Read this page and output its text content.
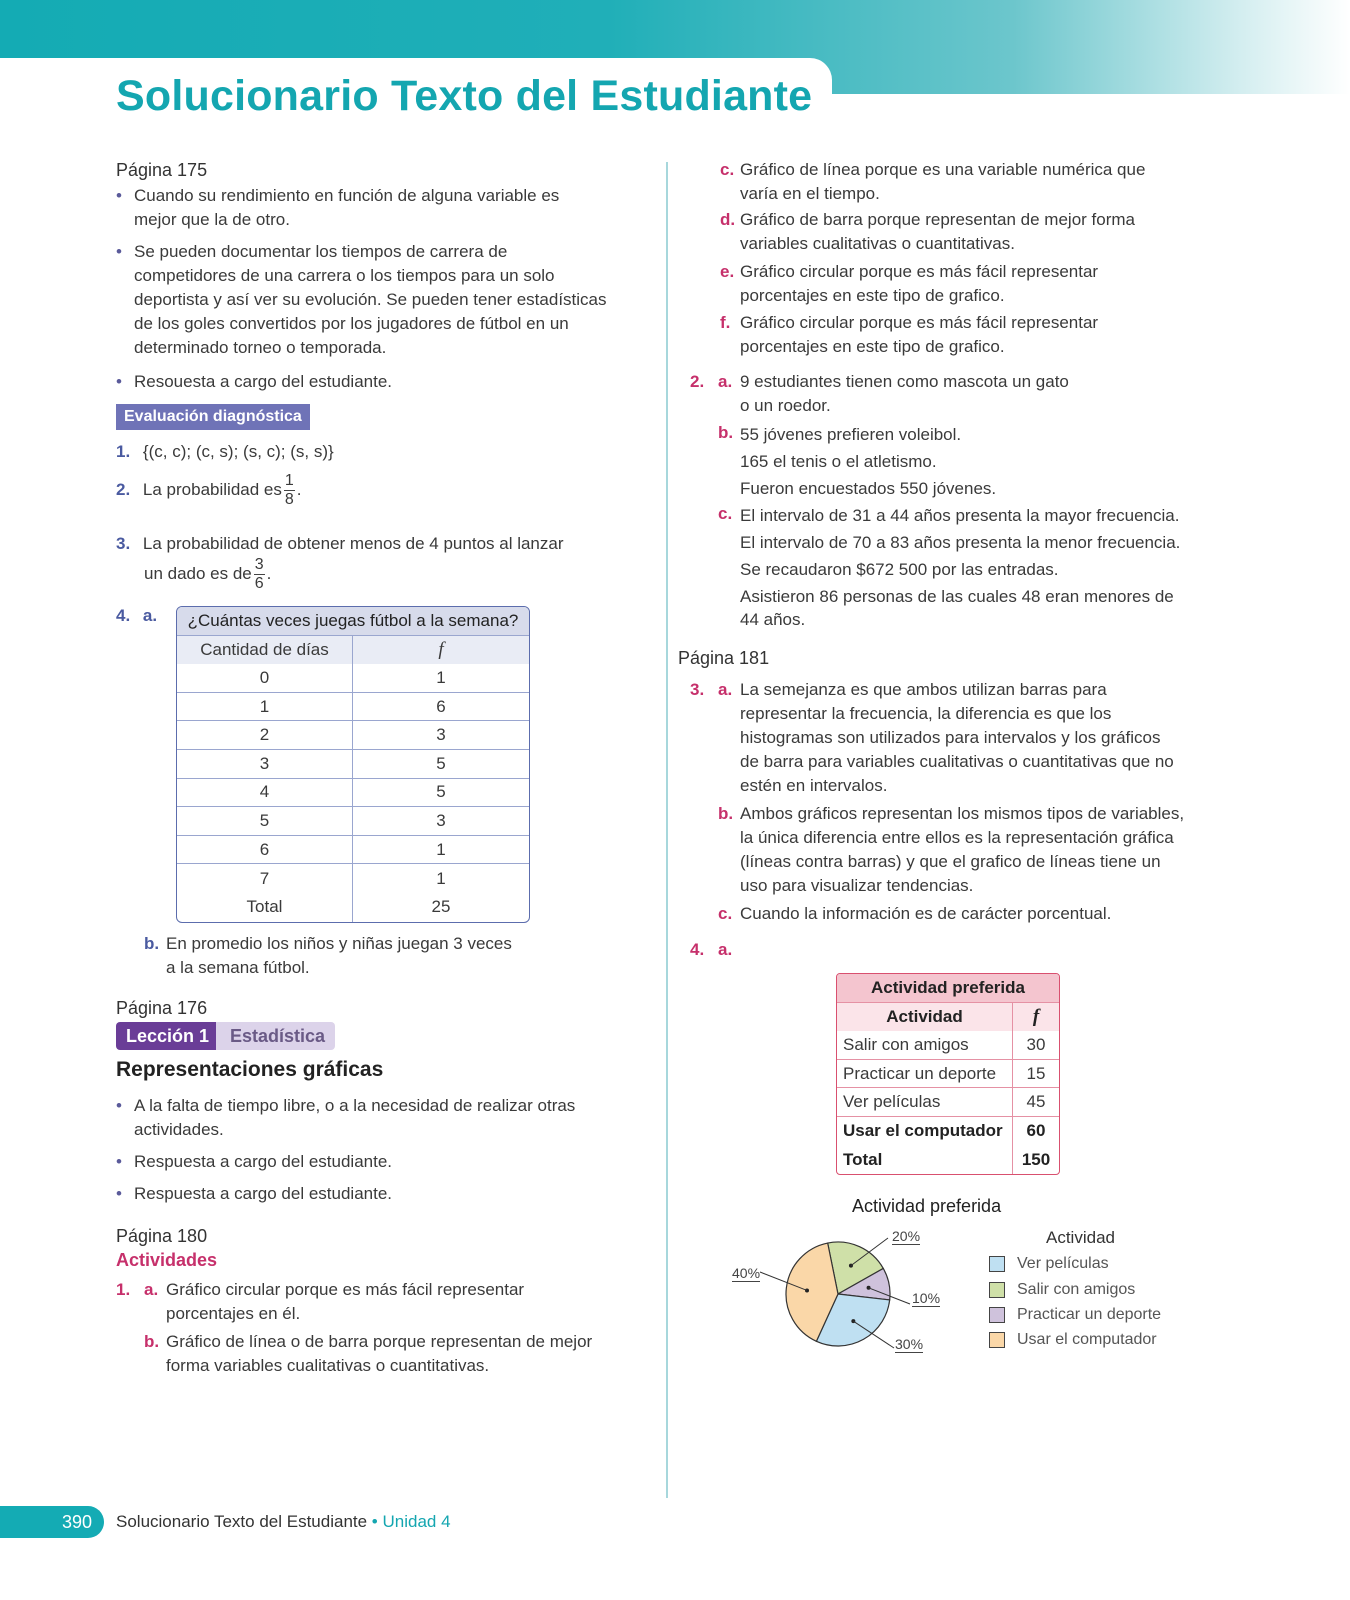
Solucionario Texto del Estudiante
Página 175
• Cuando su rendimiento en función de alguna variable es
mejor que la de otro.
• Se pueden documentar los tiempos de carrera de
competidores de una carrera o los tiempos para un solo
deportista y así ver su evolución. Se pueden tener estadísticas
de los goles convertidos por los jugadores de fútbol en un
determinado torneo o temporada.
• Resouesta a cargo del estudiante.
Evaluación diagnóstica
1. {(c, c); (c, s); (s, c); (s, s)}
2. La probabilidad es $\frac{1}{8}$ .
3. La probabilidad de obtener menos de 4 puntos al lanzar
un dado es de $\frac{3}{6}$ .
4. a. ¿Cuántas veces juegas fútbol a la semana?	
Cantidad de días	f
0	1
1	6
2	3
3	5
4	5
5	3
6	1
7	1
Total	25
b. En promedio los niños y niñas juegan 3 veces
a la semana fútbol.
Página 176
Lección 1	Estadística
Representaciones gráficas
• A la falta de tiempo libre, o a la necesidad de realizar otras
actividades.
• Respuesta a cargo del estudiante.
• Respuesta a cargo del estudiante.
Página 180
Actividades
1. a. Gráfico circular porque es más fácil representar
porcentajes en él.
b. Gráfico de línea o de barra porque representan de mejor
forma variables cualitativas o cuantitativas.
c. Gráfico de línea porque es una variable numérica que
varía en el tiempo.
d. Gráfico de barra porque representan de mejor forma
variables cualitativas o cuantitativas.
e. Gráfico circular porque es más fácil representar
porcentajes en este tipo de grafico.
f. Gráfico circular porque es más fácil representar
porcentajes en este tipo de grafico.
2. a. 9 estudiantes tienen como mascota un gato
o un roedor.
b. 55 jóvenes prefieren voleibol.
165 el tenis o el atletismo.
Fueron encuestados 550 jóvenes.
c. El intervalo de 31 a 44 años presenta la mayor frecuencia.
El intervalo de 70 a 83 años presenta la menor frecuencia.
Se recaudaron $672 500 por las entradas.
Asistieron 86 personas de las cuales 48 eran menores de
44 años.
Página 181
3. a. La semejanza es que ambos utilizan barras para
representar la frecuencia, la diferencia es que los
histogramas son utilizados para intervalos y los gráficos
de barra para variables cualitativas o cuantitativas que no
estén en intervalos.
b. Ambos gráficos representan los mismos tipos de variables,
la única diferencia entre ellos es la representación gráfica
(líneas contra barras) y que el grafico de líneas tiene un
uso para visualizar tendencias.
c. Cuando la información es de carácter porcentual.
4. a.
Actividad preferida	
Actividad	f
Salir con amigos	30
Practicar un deporte	15
Ver películas	45
Usar el computador	60
Total	150
Actividad preferida
20%
40%
10%
30%
Actividad
Ver películas
Salir con amigos
Practicar un deporte
Usar el computador
390 Solucionario Texto del Estudiante • Unidad 4
